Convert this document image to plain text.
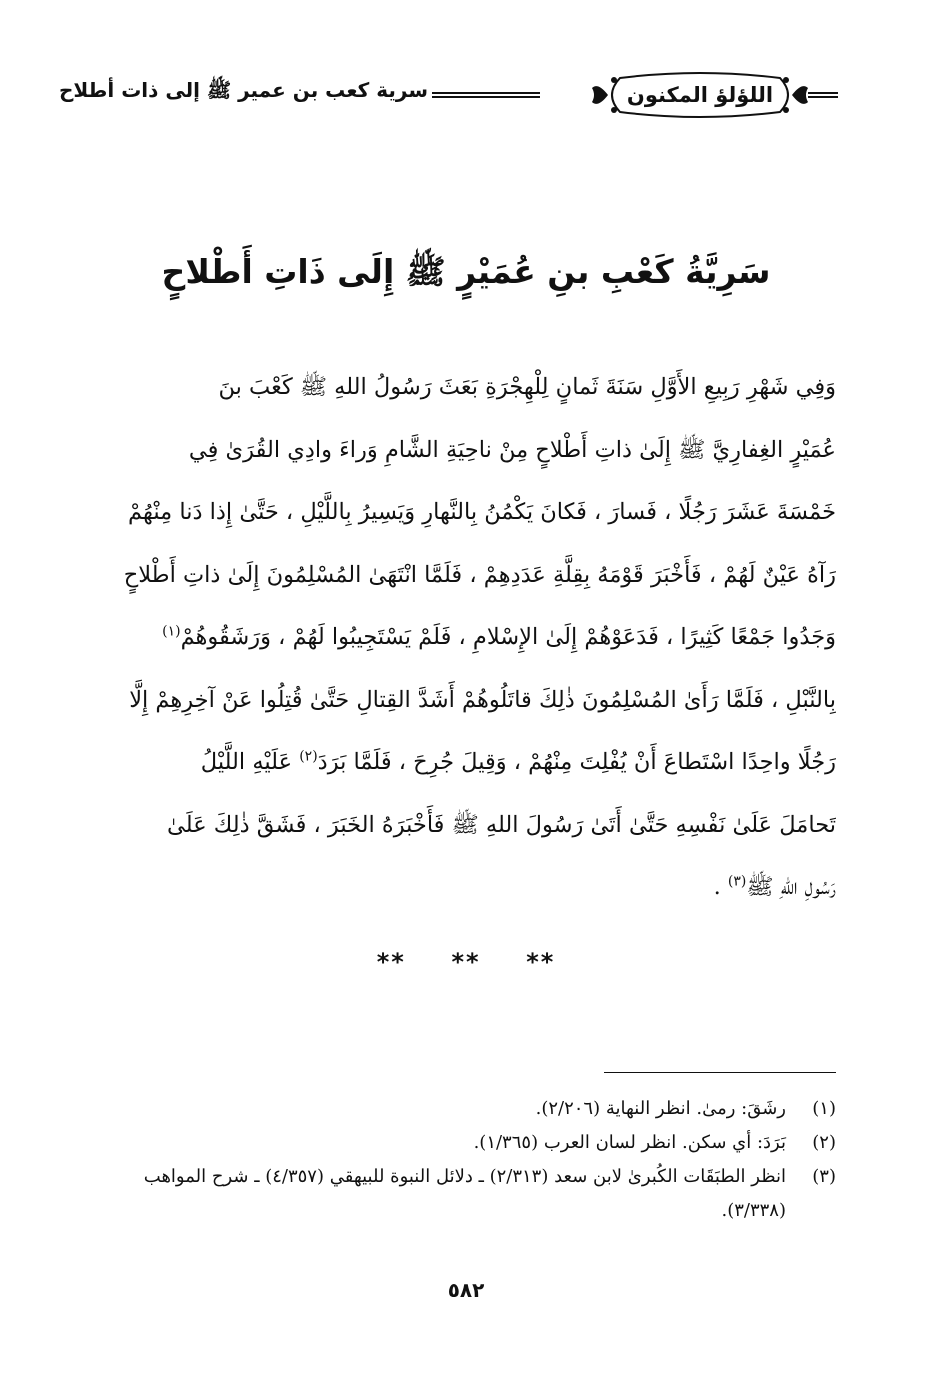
اللؤلؤ المكنون
سرية كعب بن عمير ﷺ إلى ذات أطلاح
سَرِيَّةُ كَعْبِ بنِ عُمَيْرٍ ﷺ إِلَى ذَاتِ أَطْلاحٍ
وَفِي شَهْرِ رَبِيعِ الأَوَّلِ سَنَةَ ثَمانٍ لِلْهِجْرَةِ بَعَثَ رَسُولُ اللهِ ﷺ كَعْبَ بنَ
عُمَيْرٍ الغِفارِيَّ ﷺ إِلَىٰ ذاتِ أَطْلاحٍ مِنْ ناحِيَةِ الشَّامِ وَراءَ وادِي القُرَىٰ فِي
خَمْسَةَ عَشَرَ رَجُلًا ، فَسارَ ، فَكانَ يَكْمُنُ بِالنَّهارِ وَيَسِيرُ بِاللَّيْلِ ، حَتَّىٰ إِذا دَنا مِنْهُمْ
رَآهُ عَيْنٌ لَهُمْ ، فَأَخْبَرَ قَوْمَهُ بِقِلَّةِ عَدَدِهِمْ ، فَلَمَّا انْتَهَىٰ المُسْلِمُونَ إِلَىٰ ذاتِ أَطْلاحٍ
وَجَدُوا جَمْعًا كَثِيرًا ، فَدَعَوْهُمْ إِلَىٰ الإِسْلامِ ، فَلَمْ يَسْتَجِيبُوا لَهُمْ ، وَرَشَقُوهُمْ$^{(١)}$
بِالنَّبْلِ ، فَلَمَّا رَأَىٰ المُسْلِمُونَ ذٰلِكَ قاتَلُوهُمْ أَشَدَّ القِتالِ حَتَّىٰ قُتِلُوا عَنْ آخِرِهِمْ إِلَّا
رَجُلًا واحِدًا اسْتَطاعَ أَنْ يُفْلِتَ مِنْهُمْ ، وَقِيلَ جُرِحَ ، فَلَمَّا بَرَدَ$^{(٢)}$ عَلَيْهِ اللَّيْلُ
تَحامَلَ عَلَىٰ نَفْسِهِ حَتَّىٰ أَتَىٰ رَسُولَ اللهِ ﷺ فَأَخْبَرَهُ الخَبَرَ ، فَشَقَّ ذٰلِكَ عَلَىٰ
رَسُولِ اللهِ ﷺ$^{(٣)}$ .
** ** **
(١)
رشَقَ: رمىٰ. انظر النهاية (٢/٢٠٦).
(٢)
بَرَدَ: أي سكن. انظر لسان العرب (١/٣٦٥).
(٣)
انظر الطبَقَات الكُبرىٰ لابن سعد (٢/٣١٣) ـ دلائل النبوة للبيهقي (٤/٣٥٧) ـ شرح المواهب (٣/٣٣٨).
٥٨٢
